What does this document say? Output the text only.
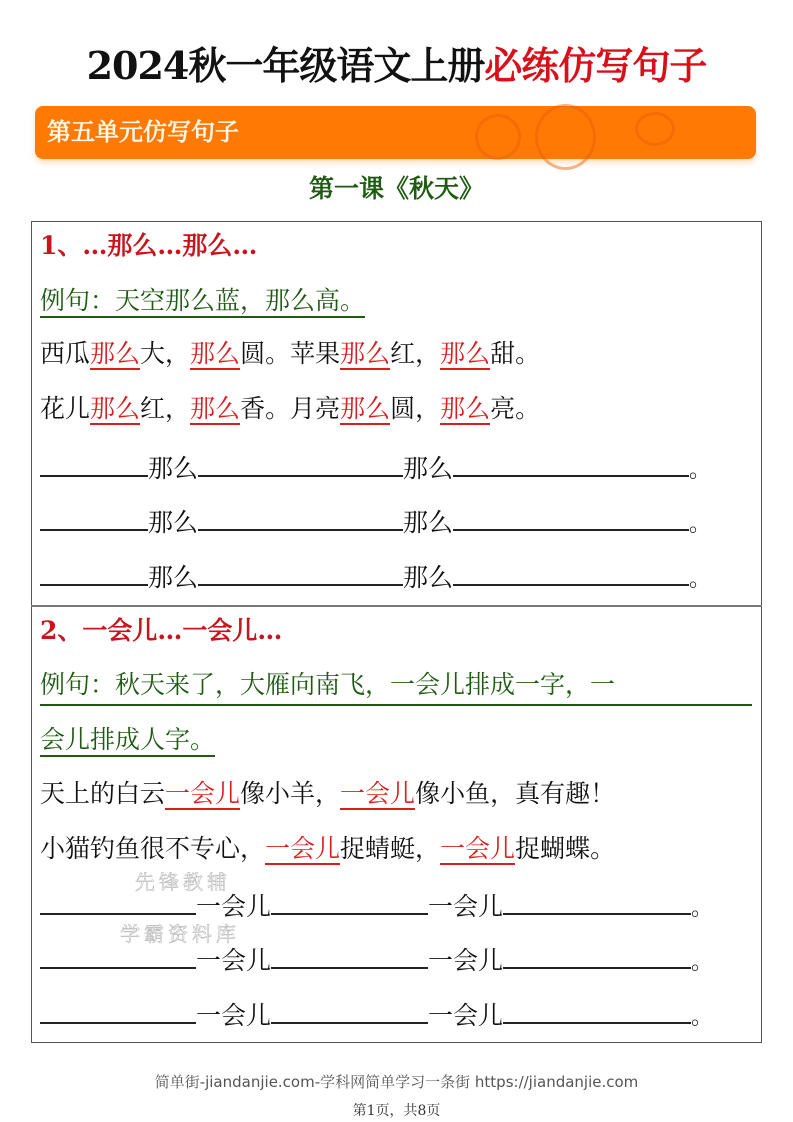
2024秋一年级语文上册必练仿写句子
第五单元仿写句子
第一课《秋天》
1、…那么…那么…
例句：天空那么蓝，那么高。
西瓜那么大，那么圆。苹果那么红，那么甜。
花儿那么红，那么香。月亮那么圆，那么亮。
那么	那么	。
那么	那么	。
那么	那么	。
2、一会儿…一会儿…
例句：秋天来了，大雁向南飞，一会儿排成一字，一
会儿排成人字。
天上的白云一会儿像小羊，一会儿像小鱼，真有趣！
小猫钓鱼很不专心，一会儿捉蜻蜓，一会儿捉蝴蝶。
先锋教辅
学霸资料库
一会儿	一会儿	。
一会儿	一会儿	。
一会儿	一会儿	。
简单街-jiandanjie.com-学科网简单学习一条街 https://jiandanjie.com
第1页，共8页
